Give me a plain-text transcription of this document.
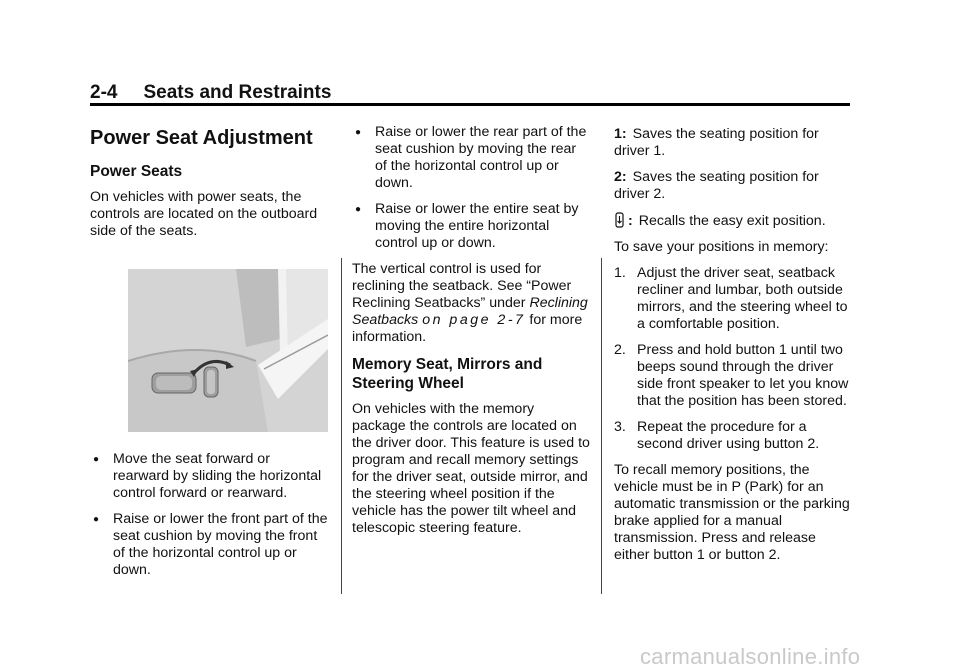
2-4 Seats and Restraints
Power Seat Adjustment
Power Seats

On vehicles with power seats, the controls are located on the outboard side of the seats.

● Move the seat forward or rearward by sliding the horizontal control forward or rearward.
● Raise or lower the front part of the seat cushion by moving the front of the horizontal control up or down.
● Raise or lower the rear part of the seat cushion by moving the rear of the horizontal control up or down.
● Raise or lower the entire seat by moving the entire horizontal control up or down.

The vertical control is used for reclining the seatback. See “Power Reclining Seatbacks” under Reclining Seatbacks on page 2-7 for more information.

Memory Seat, Mirrors and Steering Wheel

On vehicles with the memory package the controls are located on the driver door. This feature is used to program and recall memory settings for the driver seat, outside mirror, and the steering wheel position if the vehicle has the power tilt wheel and telescopic steering feature.

1: Saves the seating position for driver 1.

2: Saves the seating position for driver 2.

: Recalls the easy exit position.

To save your positions in memory:

1. Adjust the driver seat, seatback recliner and lumbar, both outside mirrors, and the steering wheel to a comfortable position.
2. Press and hold button 1 until two beeps sound through the driver side front speaker to let you know that the position has been stored.
3. Repeat the procedure for a second driver using button 2.

To recall memory positions, the vehicle must be in P (Park) for an automatic transmission or the parking brake applied for a manual transmission. Press and release either button 1 or button 2.

carmanualsonline.info
